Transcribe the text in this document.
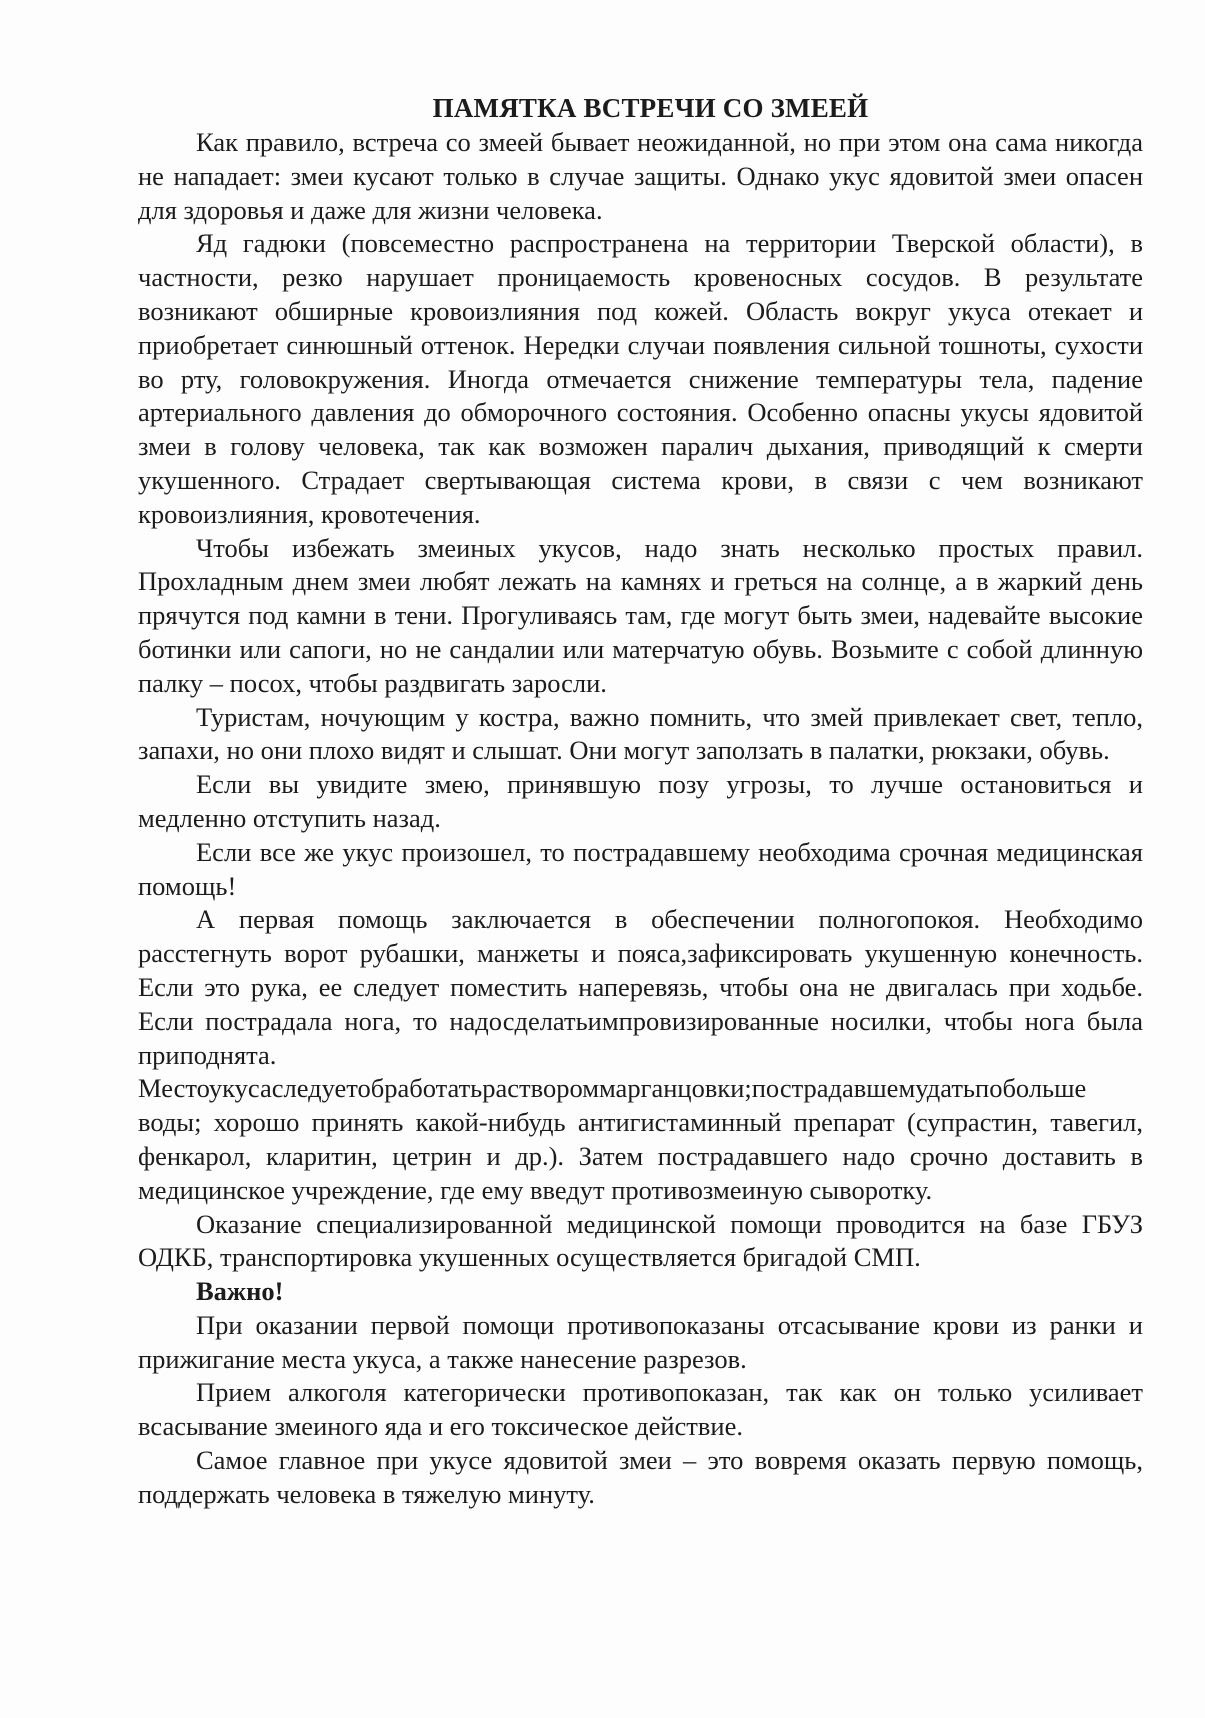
ПАМЯТКА ВСТРЕЧИ СО ЗМЕЕЙ

Как правило, встреча со змеей бывает неожиданной, но при этом она сама никогда не нападает: змеи кусают только в случае защиты. Однако укус ядовитой змеи опасен для здоровья и даже для жизни человека.

Яд гадюки (повсеместно распространена на территории Тверской области), в частности, резко нарушает проницаемость кровеносных сосудов. В результате возникают обширные кровоизлияния под кожей. Область вокруг укуса отекает и приобретает синюшный оттенок. Нередки случаи появления сильной тошноты, сухости во рту, головокружения. Иногда отмечается снижение температуры тела, падение артериального давления до обморочного состояния. Особенно опасны укусы ядовитой змеи в голову человека, так как возможен паралич дыхания, приводящий к смерти укушенного. Страдает свертывающая система крови, в связи с чем возникают кровоизлияния, кровотечения.

Чтобы избежать змеиных укусов, надо знать несколько простых правил. Прохладным днем змеи любят лежать на камнях и греться на солнце, а в жаркий день прячутся под камни в тени. Прогуливаясь там, где могут быть змеи, надевайте высокие ботинки или сапоги, но не сандалии или матерчатую обувь. Возьмите с собой длинную палку – посох, чтобы раздвигать заросли.

Туристам, ночующим у костра, важно помнить, что змей привлекает свет, тепло, запахи, но они плохо видят и слышат. Они могут заползать в палатки, рюкзаки, обувь.

Если вы увидите змею, принявшую позу угрозы, то лучше остановиться и медленно отступить назад.

Если все же укус произошел, то пострадавшему необходима срочная медицинская помощь!

А первая помощь заключается в обеспечении полногопокоя. Необходимо расстегнуть ворот рубашки, манжеты и пояса,зафиксировать укушенную конечность. Если это рука, ее следует поместить наперевязь, чтобы она не двигалась при ходьбе. Если пострадала нога, то надосделатьимпровизированные носилки, чтобы нога была приподнята. Местоукусаследуетобработатьраствороммарганцовки;пострадавшемудатьпобольше воды; хорошо принять какой-нибудь антигистаминный препарат (супрастин, тавегил, фенкарол, кларитин, цетрин и др.). Затем пострадавшего надо срочно доставить в медицинское учреждение, где ему введут противозмеиную сыворотку.

Оказание специализированной медицинской помощи проводится на базе ГБУЗ ОДКБ, транспортировка укушенных осуществляется бригадой СМП.

Важно!

При оказании первой помощи противопоказаны отсасывание крови из ранки и прижигание места укуса, а также нанесение разрезов.

Прием алкоголя категорически противопоказан, так как он только усиливает всасывание змеиного яда и его токсическое действие.

Самое главное при укусе ядовитой змеи – это вовремя оказать первую помощь, поддержать человека в тяжелую минуту.
